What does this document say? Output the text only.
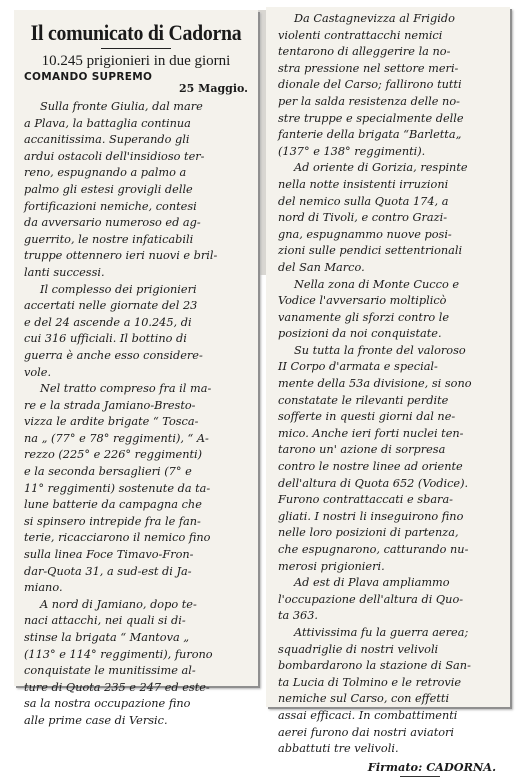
Il comunicato di Cadorna
10.245 prigionieri in due giorni
COMANDO SUPREMO
25 Maggio.

Sulla fronte Giulia, dal mare
a Plava, la battaglia continua
accanitissima. Superando gli
ardui ostacoli dell'insidioso ter-
reno, espugnando a palmo a
palmo gli estesi grovigli delle
fortificazioni nemiche, contesi
da avversario numeroso ed ag-
guerrito, le nostre infaticabili
truppe ottennero ieri nuovi e bril-
lanti successi.

Il complesso dei prigionieri
accertati nelle giornate del 23
e del 24 ascende a 10.245, di
cui 316 ufficiali. Il bottino di
guerra è anche esso considere-
vole.

Nel tratto compreso fra il ma-
re e la strada Jamiano-Bresto-
vizza le ardite brigate “ Tosca-
na „ (77° e 78° reggimenti), “ A-
rezzo (225° e 226° reggimenti)
e la seconda bersaglieri (7° e
11° reggimenti) sostenute da ta-
lune batterie da campagna che
si spinsero intrepide fra le fan-
terie, ricacciarono il nemico fino
sulla linea Foce Timavo-Fron-
dar-Quota 31, a sud-est di Ja-
miano.

A nord di Jamiano, dopo te-
naci attacchi, nei quali si di-
stinse la brigata “ Mantova „
(113° e 114° reggimenti), furono
conquistate le munitissime al-
ture di Quota 235 e 247 ed este-
sa la nostra occupazione fino
alle prime case di Versic.

Da Castagnevizza al Frigido
violenti contrattacchi nemici
tentarono di alleggerire la no-
stra pressione nel settore meri-
dionale del Carso; fallirono tutti
per la salda resistenza delle no-
stre truppe e specialmente delle
fanterie della brigata “Barletta„
(137° e 138° reggimenti).

Ad oriente di Gorizia, respinte
nella notte insistenti irruzioni
del nemico sulla Quota 174, a
nord di Tivoli, e contro Grazi-
gna, espugnammo nuove posi-
zioni sulle pendici settentrionali
del San Marco.

Nella zona di Monte Cucco e
Vodice l'avversario moltiplicò
vanamente gli sforzi contro le
posizioni da noi conquistate.

Su tutta la fronte del valoroso
II Corpo d'armata e special-
mente della 53a divisione, si sono
constatate le rilevanti perdite
sofferte in questi giorni dal ne-
mico. Anche ieri forti nuclei ten-
tarono un' azione di sorpresa
contro le nostre linee ad oriente
dell'altura di Quota 652 (Vodice).
Furono contrattaccati e sbara-
gliati. I nostri li inseguirono fino
nelle loro posizioni di partenza,
che espugnarono, catturando nu-
merosi prigionieri.

Ad est di Plava ampliammo
l'occupazione dell'altura di Quo-
ta 363.

Attivissima fu la guerra aerea;
squadriglie di nostri velivoli
bombardarono la stazione di San-
ta Lucia di Tolmino e le retrovie
nemiche sul Carso, con effetti
assai efficaci. In combattimenti
aerei furono dai nostri aviatori
abbattuti tre velivoli.

Firmato: CADORNA.
